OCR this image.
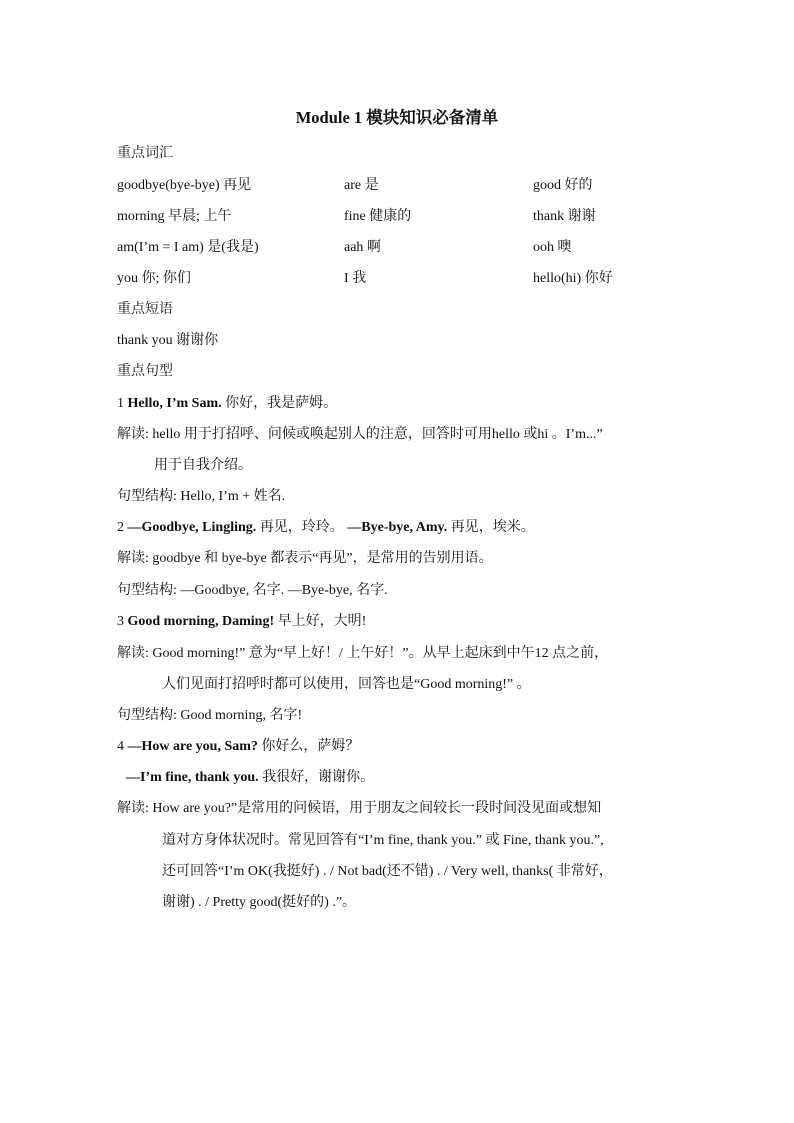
Module 1 模块知识必备清单
重点词汇
goodbye(bye-bye) 再见	are 是	good 好的
morning 早晨; 上午	fine 健康的	thank 谢谢
am(I’m = I am) 是(我是)	aah 啊	ooh 噢
you 你; 你们	I 我	hello(hi) 你好
重点短语
thank you 谢谢你
重点句型
1 Hello, I’m Sam. 你好，我是萨姆。
解读: hello 用于打招呼、问候或唤起别人的注意，回答时可用hello 或hi 。I’m...”
用于自我介绍。
句型结构: Hello, I’m + 姓名.
2 —Goodbye, Lingling. 再见，玲玲。 —Bye-bye, Amy. 再见，埃米。
解读: goodbye 和 bye-bye 都表示“再见”，是常用的告别用语。
句型结构: —Goodbye, 名字. —Bye-bye, 名字.
3 Good morning, Daming! 早上好，大明!
解读: Good morning!” 意为“早上好！/ 上午好！”。从早上起床到中午12 点之前，
人们见面打招呼时都可以使用，回答也是“Good morning!” 。
句型结构: Good morning, 名字!
4 —How are you, Sam? 你好么，萨姆？
—I’m fine, thank you. 我很好，谢谢你。
解读: How are you?”是常用的问候语，用于朋友之间较长一段时间没见面或想知
道对方身体状况时。常见回答有“I’m fine, thank you.” 或 Fine, thank you.”,
还可回答“I’m OK(我挺好) . / Not bad(还不错) . / Very well, thanks( 非常好，
谢谢) . / Pretty good(挺好的) .”。
